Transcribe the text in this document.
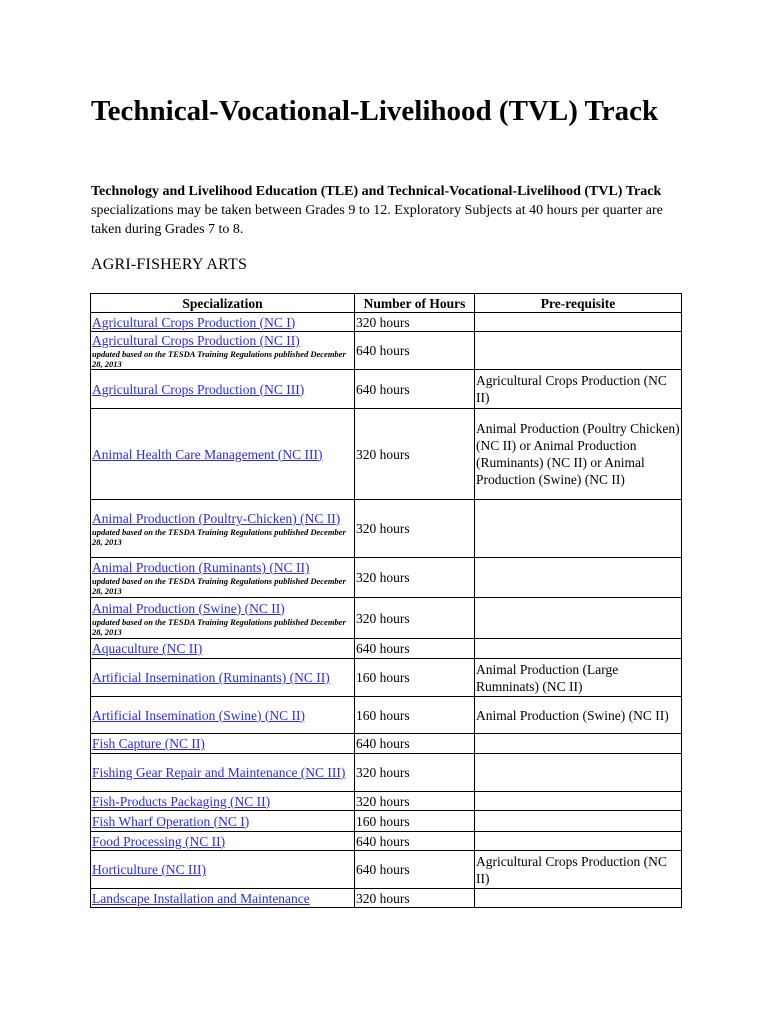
Technical-Vocational-Livelihood (TVL) Track

Technology and Livelihood Education (TLE) and Technical-Vocational-Livelihood (TVL) Track specializations may be taken between Grades 9 to 12. Exploratory Subjects at 40 hours per quarter are taken during Grades 7 to 8.

AGRI-FISHERY ARTS
Specialization	Number of Hours	Pre-requisite

Agricultural Crops Production (NC I)	320 hours	

Agricultural Crops Production (NC II)
updated based on the TESDA Training Regulations published December 28, 2013	640 hours	

Agricultural Crops Production (NC III)	640 hours	Agricultural Crops Production (NC II)

Animal Health Care Management (NC III)	320 hours	Animal Production (Poultry Chicken) (NC II) or Animal Production (Ruminants) (NC II) or Animal Production (Swine) (NC II)

Animal Production (Poultry-Chicken) (NC II)
updated based on the TESDA Training Regulations published December 28, 2013	320 hours	

Animal Production (Ruminants) (NC II)
updated based on the TESDA Training Regulations published December 28, 2013	320 hours	

Animal Production (Swine) (NC II)
updated based on the TESDA Training Regulations published December 28, 2013	320 hours	

Aquaculture (NC II)	640 hours	

Artificial Insemination (Ruminants) (NC II)	160 hours	Animal Production (Large Rumninats) (NC II)

Artificial Insemination (Swine) (NC II)	160 hours	Animal Production (Swine) (NC II)

Fish Capture (NC II)	640 hours	

Fishing Gear Repair and Maintenance (NC III)	320 hours	

Fish-Products Packaging (NC II)	320 hours	

Fish Wharf Operation (NC I)	160 hours	

Food Processing (NC II)	640 hours	

Horticulture (NC III)	640 hours	Agricultural Crops Production (NC II)

Landscape Installation and Maintenance	320 hours	
